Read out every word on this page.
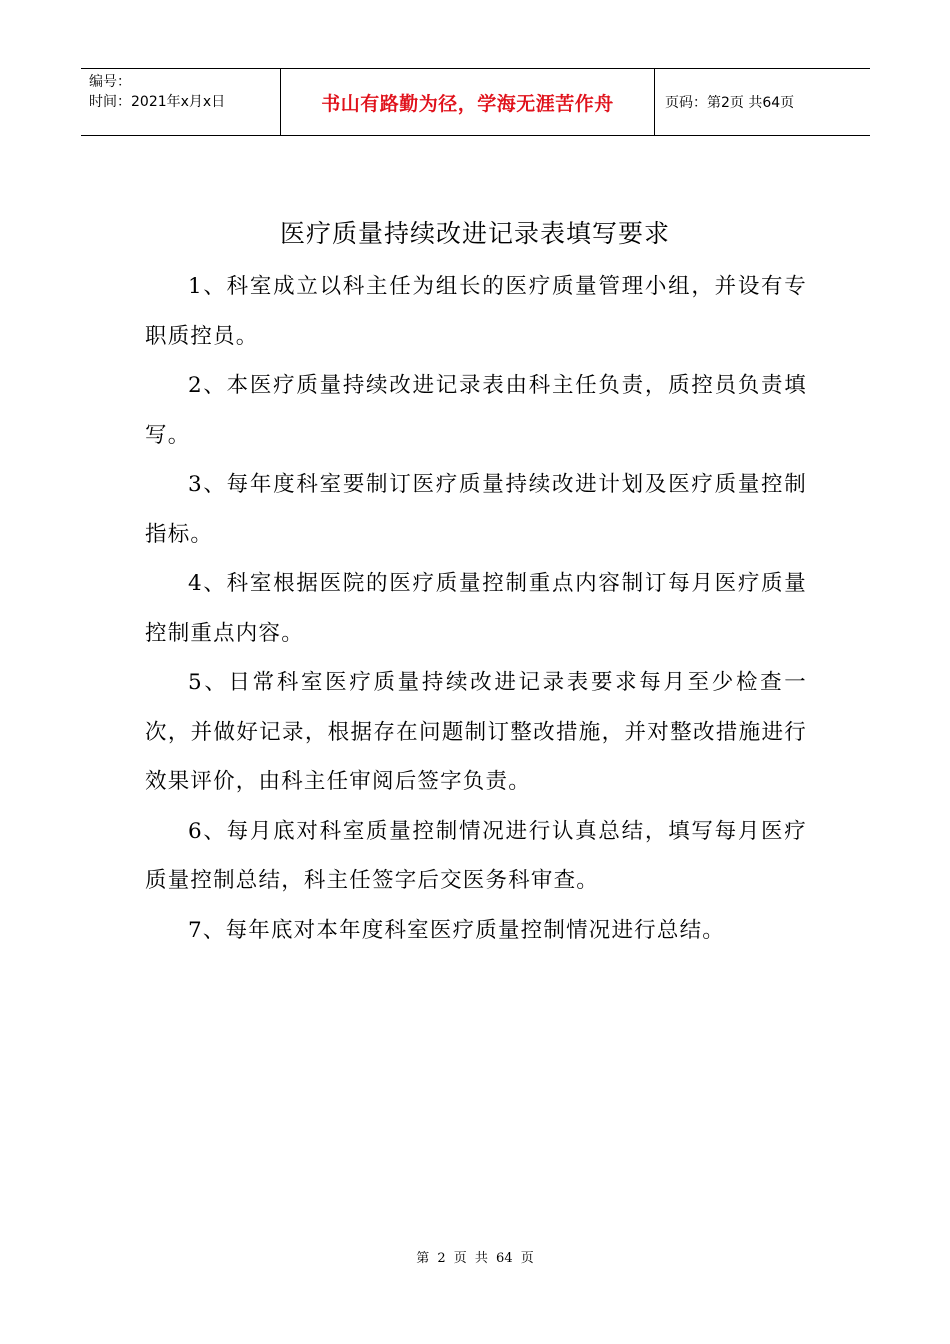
编号：
时间：2021年x月x日	书山有路勤为径，学海无涯苦作舟	页码：第2页 共64页
医疗质量持续改进记录表填写要求

1、科室成立以科主任为组长的医疗质量管理小组，并设有专职质控员。

2、本医疗质量持续改进记录表由科主任负责，质控员负责填写。

3、每年度科室要制订医疗质量持续改进计划及医疗质量控制指标。

4、科室根据医院的医疗质量控制重点内容制订每月医疗质量控制重点内容。

5、日常科室医疗质量持续改进记录表要求每月至少检查一次，并做好记录，根据存在问题制订整改措施，并对整改措施进行效果评价，由科主任审阅后签字负责。

6、每月底对科室质量控制情况进行认真总结，填写每月医疗质量控制总结，科主任签字后交医务科审查。

7、每年底对本年度科室医疗质量控制情况进行总结。

第 2 页 共 64 页
